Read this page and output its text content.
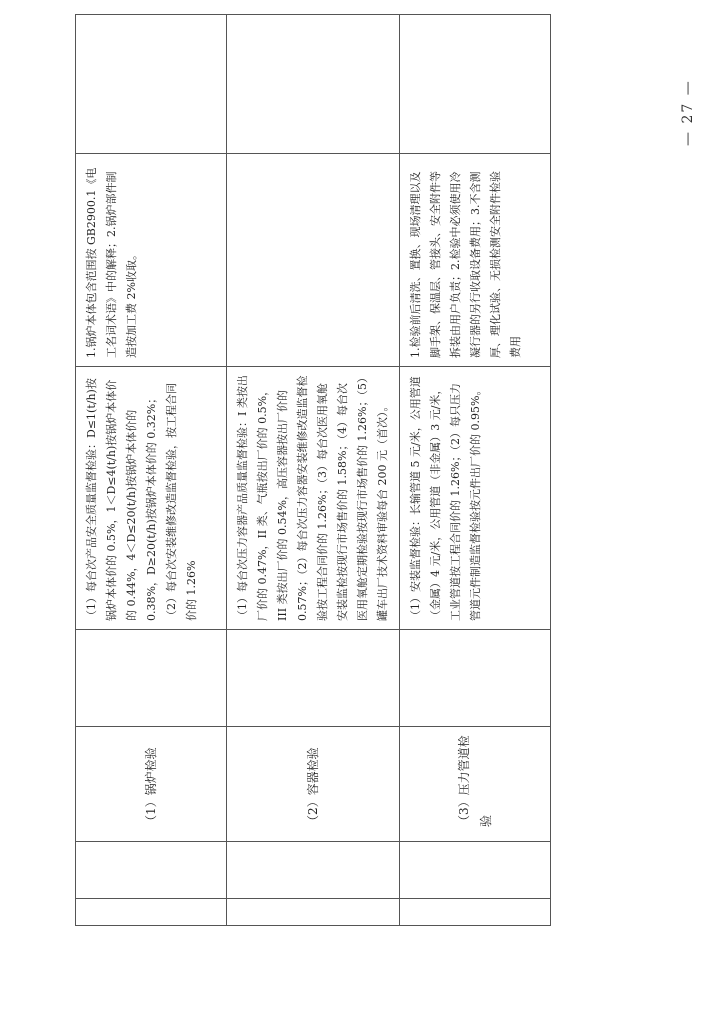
		（1）锅炉检验		（1）每台次产品安全质量监督检验：D≤1(t/h)按锅炉本体价的 0.5%，1＜D≤4(t/h)按锅炉本体价的 0.44%，4＜D≤20(t/h)按锅炉本体价的 0.38%，D≥20(t/h)按锅炉本体价的 0.32%；（2）每台次安装维修改造监督检验，按工程合同价的 1.26%	1.锅炉本体包含范围按 GB2900.1《电工名词术语》中的解释；2.锅炉部件制造按加工费 2%收取。	
		（2）容器检验		（1）每台次压力容器产品质量监督检验：I 类按出厂价的 0.47%，II 类、气瓶按出厂价的 0.5%，III 类按出厂价的 0.54%，高压容器按出厂价的 0.57%；（2）每台次压力容器安装维修改造监督检验按工程合同价的 1.26%；（3）每台次医用氧舱安装监检按现行市场售价的 1.58%；（4）每台次医用氧舱定期检验按现行市场售价的 1.26%；（5）罐车出厂技术资料审验每台 200 元（首次）。		
		（3）压力管道检验		（1）安装监督检验：长输管道 5 元/米，公用管道（金属）4 元/米，公用管道（非金属）3 元/米，工业管道按工程合同价的 1.26%；（2）每只压力管道元件制造监督检验按元件出厂价的 0.95%。	1.检验前后清洗、置换、现场清理以及脚手架、保温层、管接头、安全附件等拆装由用户负责；2.检验中必须使用冷凝行器的另行收取设备费用；3.不含测厚、理化试验、无损检测安全附件检验费用	
— 27 —
